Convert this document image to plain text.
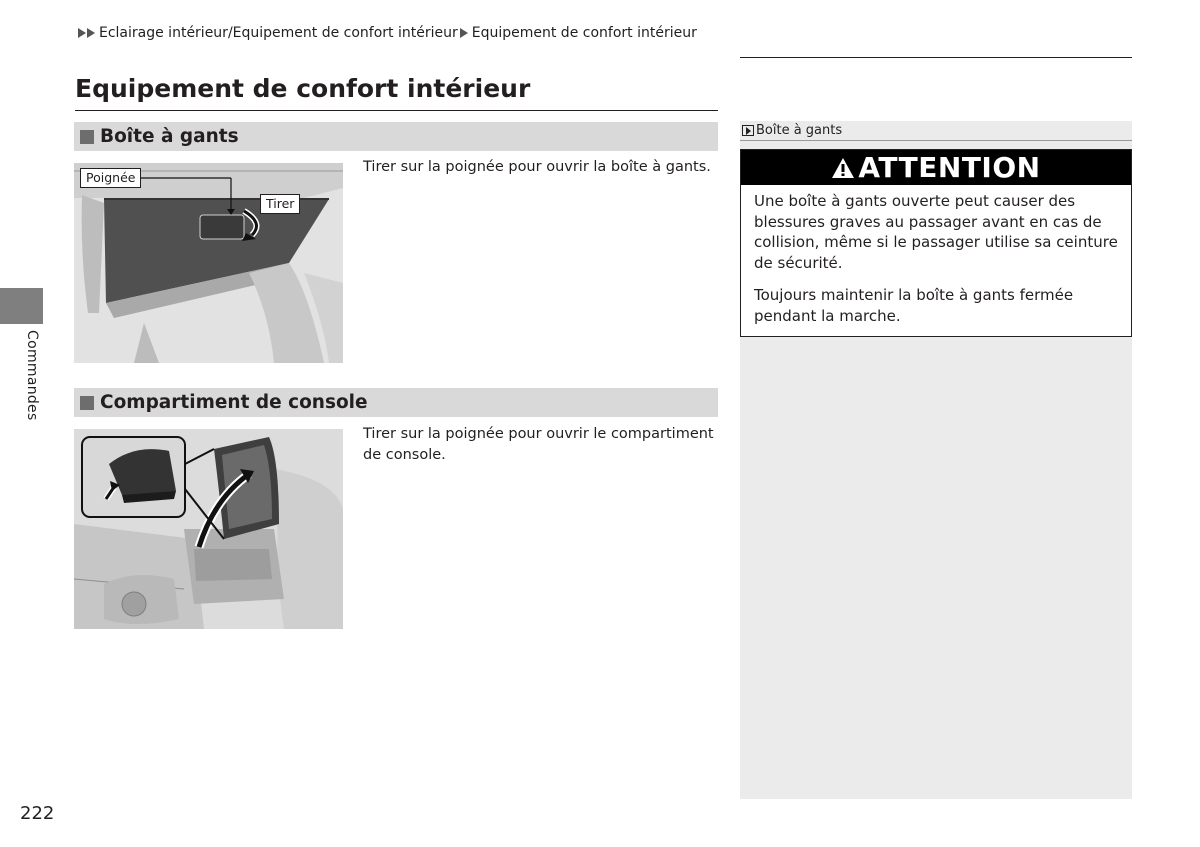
Eclairage intérieur/Equipement de confort intérieur Equipement de confort intérieur
Equipement de confort intérieur
Boîte à gants
Poignée
Tirer

Tirer sur la poignée pour ouvrir la boîte à gants.

Compartiment de console

Tirer sur la poignée pour ouvrir le compartiment de console.

Commandes
222
Boîte à gants
ATTENTION

Une boîte à gants ouverte peut causer des blessures graves au passager avant en cas de collision, même si le passager utilise sa ceinture de sécurité.

Toujours maintenir la boîte à gants fermée pendant la marche.
